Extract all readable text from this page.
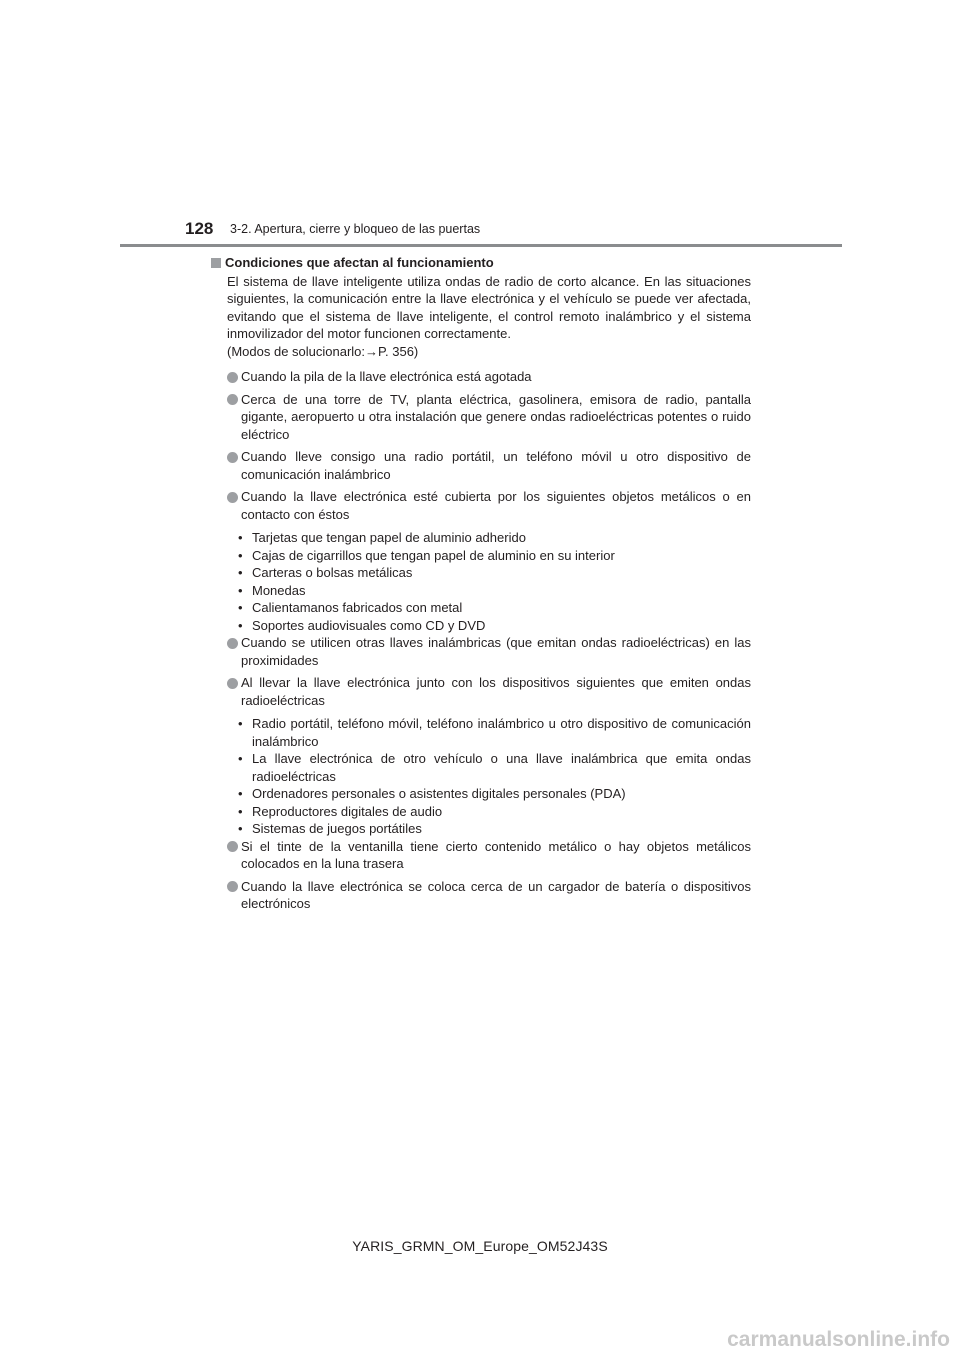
128 3-2. Apertura, cierre y bloqueo de las puertas
Condiciones que afectan al funcionamiento
El sistema de llave inteligente utiliza ondas de radio de corto alcance. En las situaciones siguientes, la comunicación entre la llave electrónica y el vehículo se puede ver afectada, evitando que el sistema de llave inteligente, el control remoto inalámbrico y el sistema inmovilizador del motor funcionen correctamente.
(Modos de solucionarlo:→P. 356)
Cuando la pila de la llave electrónica está agotada
Cerca de una torre de TV, planta eléctrica, gasolinera, emisora de radio, pantalla gigante, aeropuerto u otra instalación que genere ondas radioeléctricas potentes o ruido eléctrico
Cuando lleve consigo una radio portátil, un teléfono móvil u otro dispositivo de comunicación inalámbrico
Cuando la llave electrónica esté cubierta por los siguientes objetos metálicos o en contacto con éstos
• Tarjetas que tengan papel de aluminio adherido
• Cajas de cigarrillos que tengan papel de aluminio en su interior
• Carteras o bolsas metálicas
• Monedas
• Calientamanos fabricados con metal
• Soportes audiovisuales como CD y DVD
Cuando se utilicen otras llaves inalámbricas (que emitan ondas radioeléctricas) en las proximidades
Al llevar la llave electrónica junto con los dispositivos siguientes que emiten ondas radioeléctricas
• Radio portátil, teléfono móvil, teléfono inalámbrico u otro dispositivo de comunicación inalámbrico
• La llave electrónica de otro vehículo o una llave inalámbrica que emita ondas radioeléctricas
• Ordenadores personales o asistentes digitales personales (PDA)
• Reproductores digitales de audio
• Sistemas de juegos portátiles
Si el tinte de la ventanilla tiene cierto contenido metálico o hay objetos metálicos colocados en la luna trasera
Cuando la llave electrónica se coloca cerca de un cargador de batería o dispositivos electrónicos
YARIS_GRMN_OM_Europe_OM52J43S
carmanualsonline.info
